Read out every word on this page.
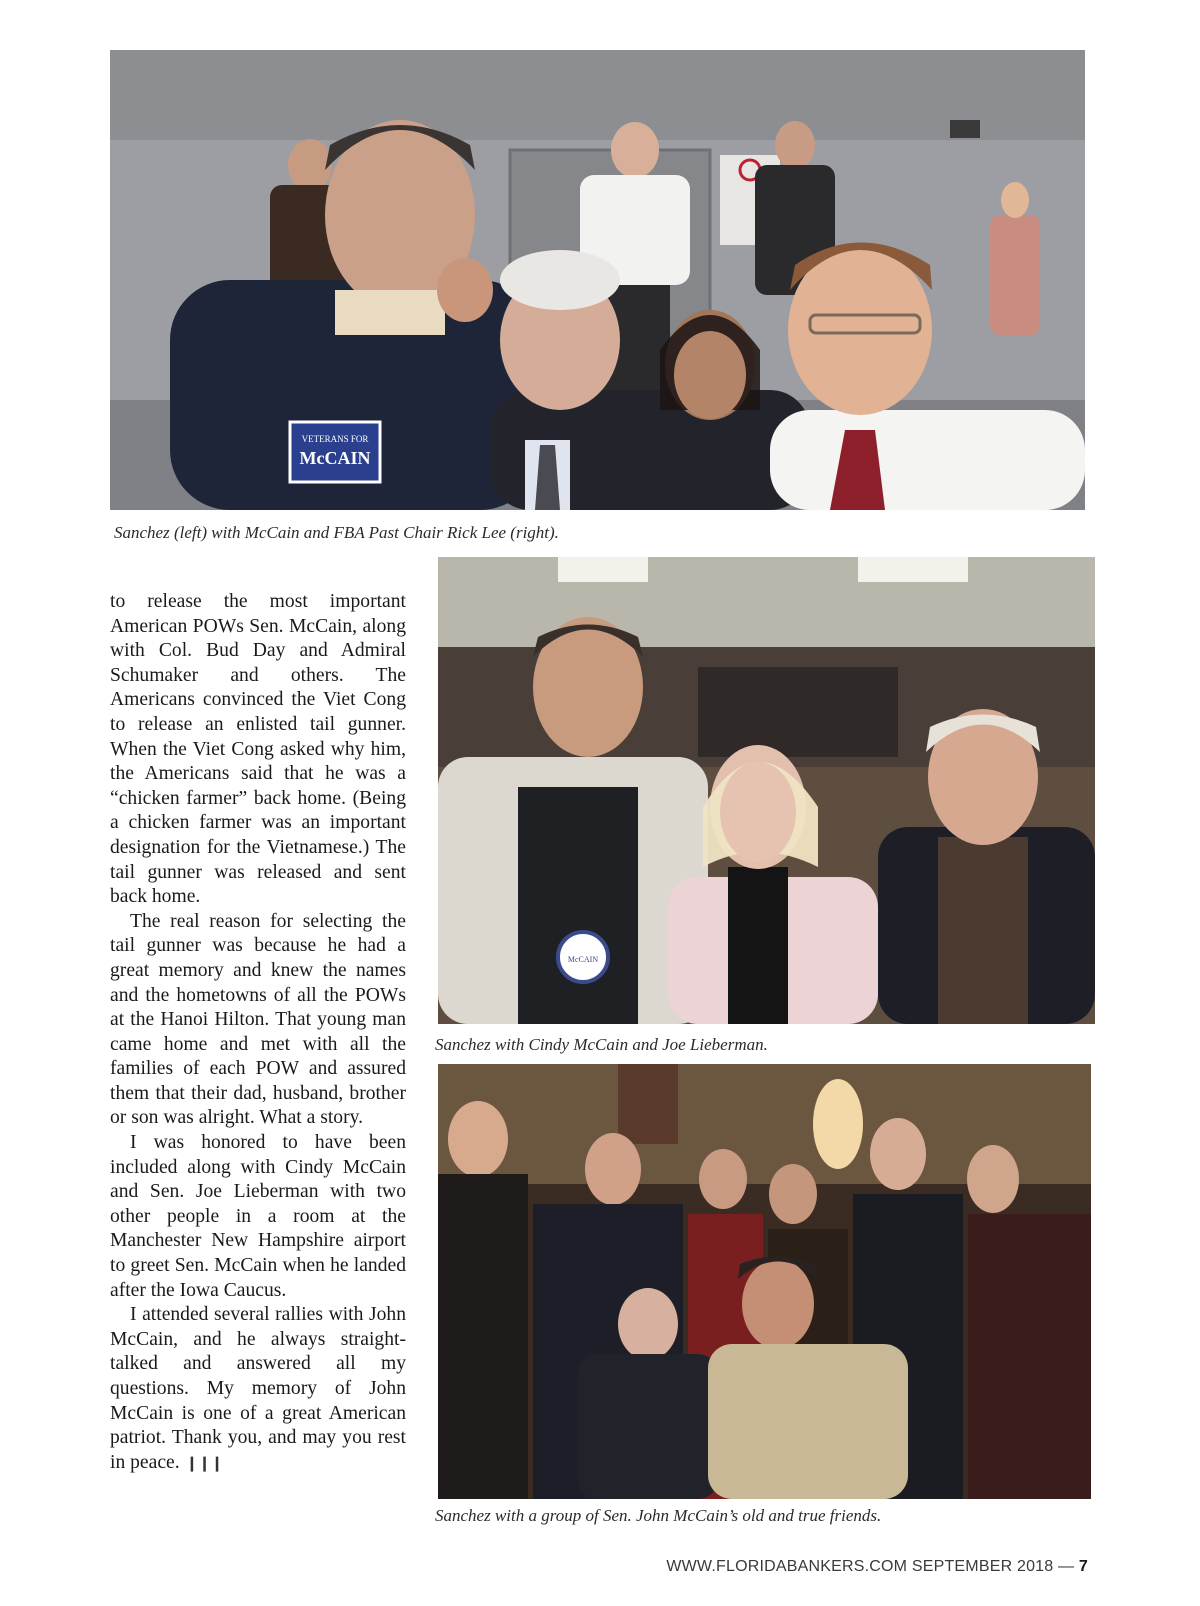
VETERANS FOR
McCAIN
Sanchez (left) with McCain and FBA Past Chair Rick Lee (right).
McCAIN
Sanchez with Cindy McCain and Joe Lieberman.
Sanchez with a group of Sen. John McCain’s old and true friends.

to release the most important American POWs Sen. McCain, along with Col. Bud Day and Admiral Schumaker and others. The Americans convinced the Viet Cong to release an enlisted tail gunner. When the Viet Cong asked why him, the Americans said that he was a “chicken farmer” back home. (Being a chicken farmer was an important designation for the Vietnamese.) The tail gunner was released and sent back home.

The real reason for selecting the tail gunner was because he had a great memory and knew the names and the hometowns of all the POWs at the Hanoi Hilton. That young man came home and met with all the families of each POW and assured them that their dad, husband, brother or son was alright. What a story.

I was honored to have been included along with Cindy McCain and Sen. Joe Lieberman with two other people in a room at the Manchester New Hampshire airport to greet Sen. McCain when he landed after the Iowa Caucus.

I attended several rallies with John McCain, and he always straight-talked and answered all my questions. My memory of John McCain is one of a great American patriot. Thank you, and may you rest in peace. ❙❙❙

WWW.FLORIDABANKERS.COM SEPTEMBER 2018 — 7
